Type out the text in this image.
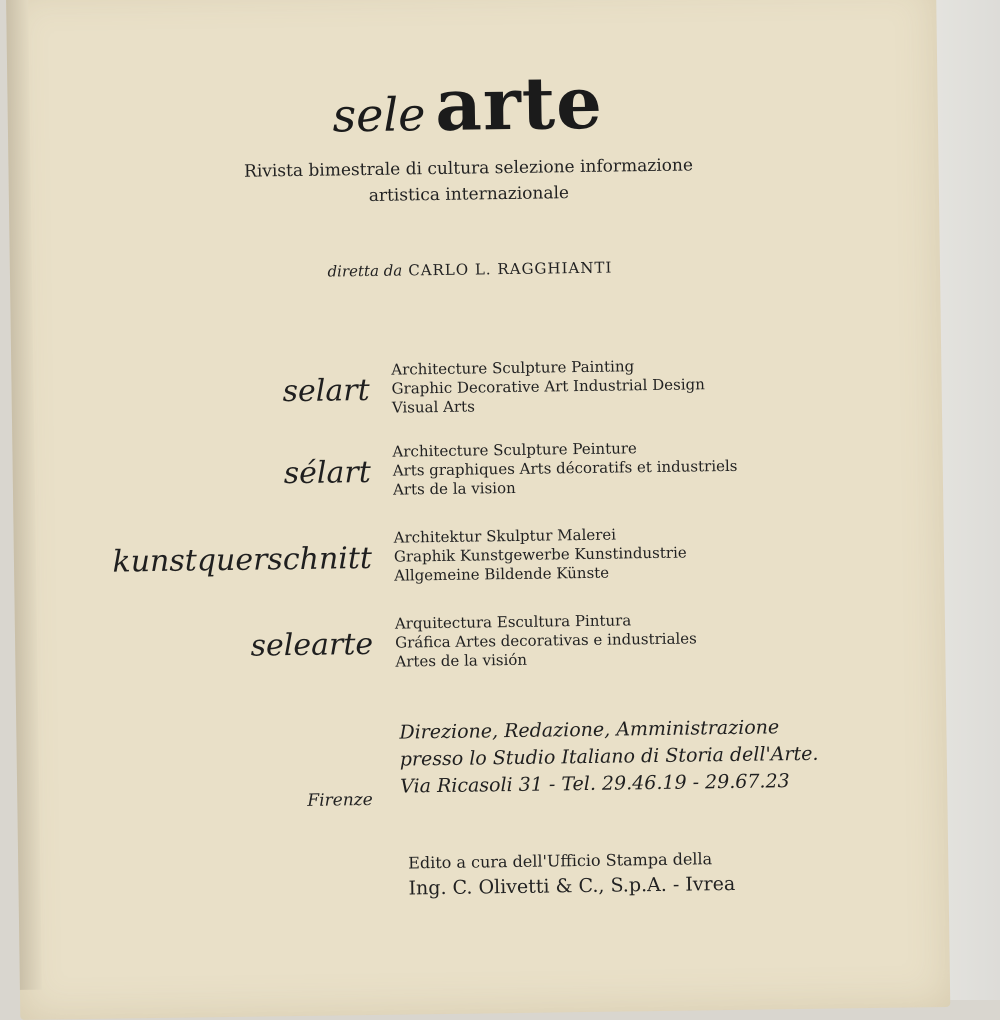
sele arte
Rivista bimestrale di cultura selezione informazione
artistica internazionale
diretta da CARLO L. RAGGHIANTI
selart
Architecture Sculpture Painting
Graphic Decorative Art Industrial Design
Visual Arts
sélart
Architecture Sculpture Peinture
Arts graphiques Arts décoratifs et industriels
Arts de la vision
kunstquerschnitt
Architektur Skulptur Malerei
Graphik Kunstgewerbe Kunstindustrie
Allgemeine Bildende Künste
selearte
Arquitectura Escultura Pintura
Gráfica Artes decorativas e industriales
Artes de la visión
Direzione, Redazione, Amministrazione
presso lo Studio Italiano di Storia dell'Arte.
Via Ricasoli 31 - Tel. 29.46.19 - 29.67.23
Firenze
Edito a cura dell'Ufficio Stampa della
Ing. C. Olivetti & C., S.p.A. - Ivrea
